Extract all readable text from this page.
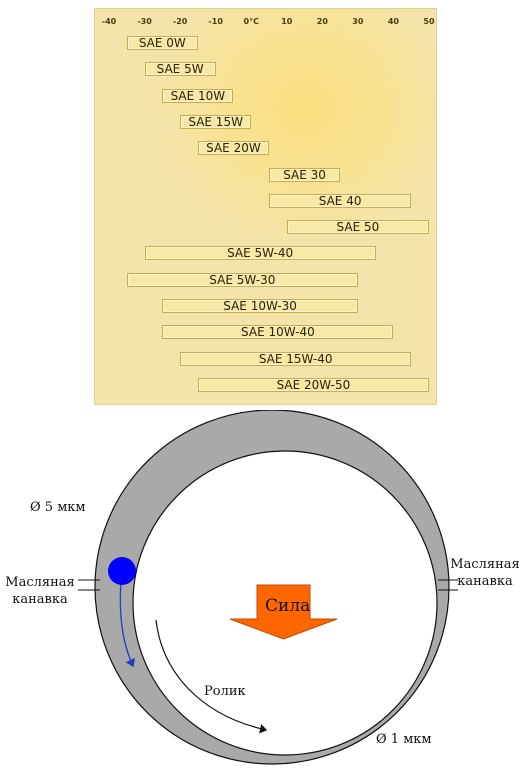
-40	-30	-20	-10	0°C	10	20	30	40	50
SAE 0W
SAE 5W
SAE 10W
SAE 15W
SAE 20W
SAE 30
SAE 40
SAE 50
SAE 5W-40
SAE 5W-30
SAE 10W-30
SAE 10W-40
SAE 15W-40
SAE 20W-50
Сила
Ролик
Ø 5 мкм
Ø 1 мкм
Масляная канавка
Масляная канавка
